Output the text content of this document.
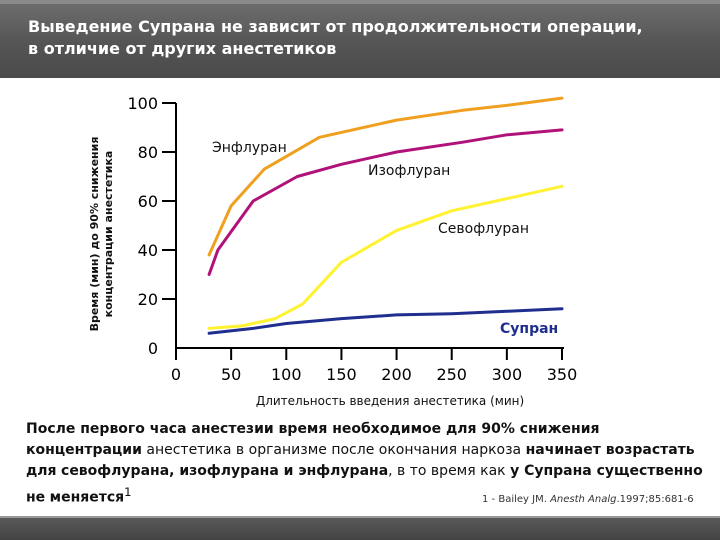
Выведение Супрана не зависит от продолжительности операции,
в отличие от других анестетиков
0
20
40
60
80
100
0 50 100 150 200 250 300 350
Энфлуран
Изофлуран
Севофлуран
Супран
Время (мин) до 90% снижения концентрации анестетика
Длительность введения анестетика (мин)
После первого часа анестезии время необходимое для 90% снижения концентрации анестетика в организме после окончания наркоза начинает возрастать для севофлурана, изофлурана и энфлурана, в то время как у Супрана существенно не меняется$^1$
1 - Bailey JM. Anesth Analg.1997;85:681-6
